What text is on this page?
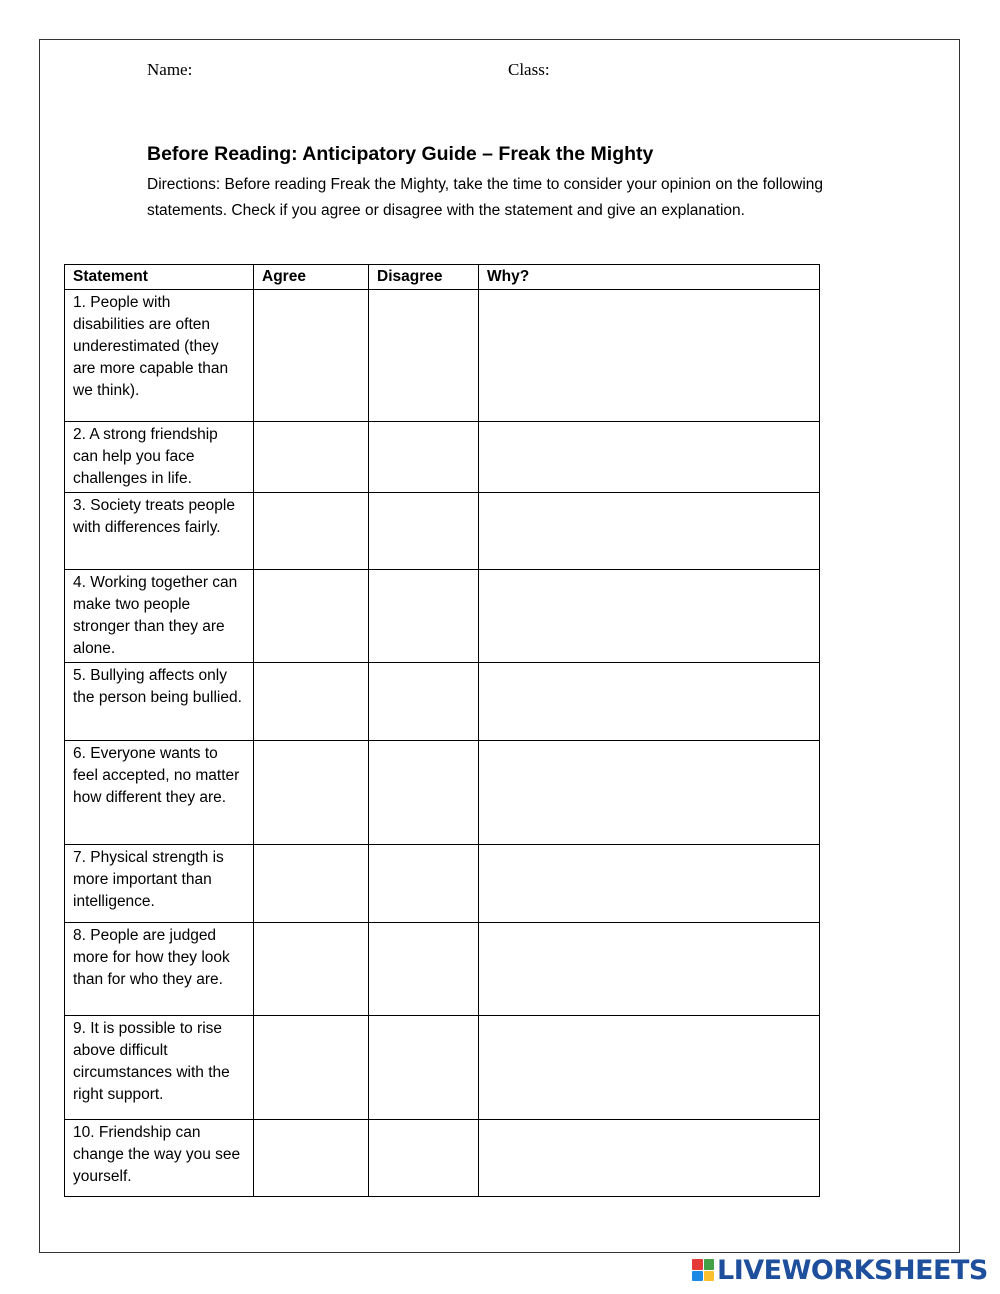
Name:	Class:
Before Reading: Anticipatory Guide – Freak the Mighty
Directions: Before reading Freak the Mighty, take the time to consider your opinion on the following statements. Check if you agree or disagree with the statement and give an explanation.
Statement	Agree	Disagree	Why?
1. People with disabilities are often underestimated (they are more capable than we think).			
2. A strong friendship can help you face challenges in life.			
3. Society treats people with differences fairly.			
4. Working together can make two people stronger than they are alone.			
5. Bullying affects only the person being bullied.			
6. Everyone wants to feel accepted, no matter how different they are.			
7. Physical strength is more important than intelligence.			
8. People are judged more for how they look than for who they are.			
9. It is possible to rise above difficult circumstances with the right support.			
10. Friendship can change the way you see yourself.			
LIVEWORKSHEETS
